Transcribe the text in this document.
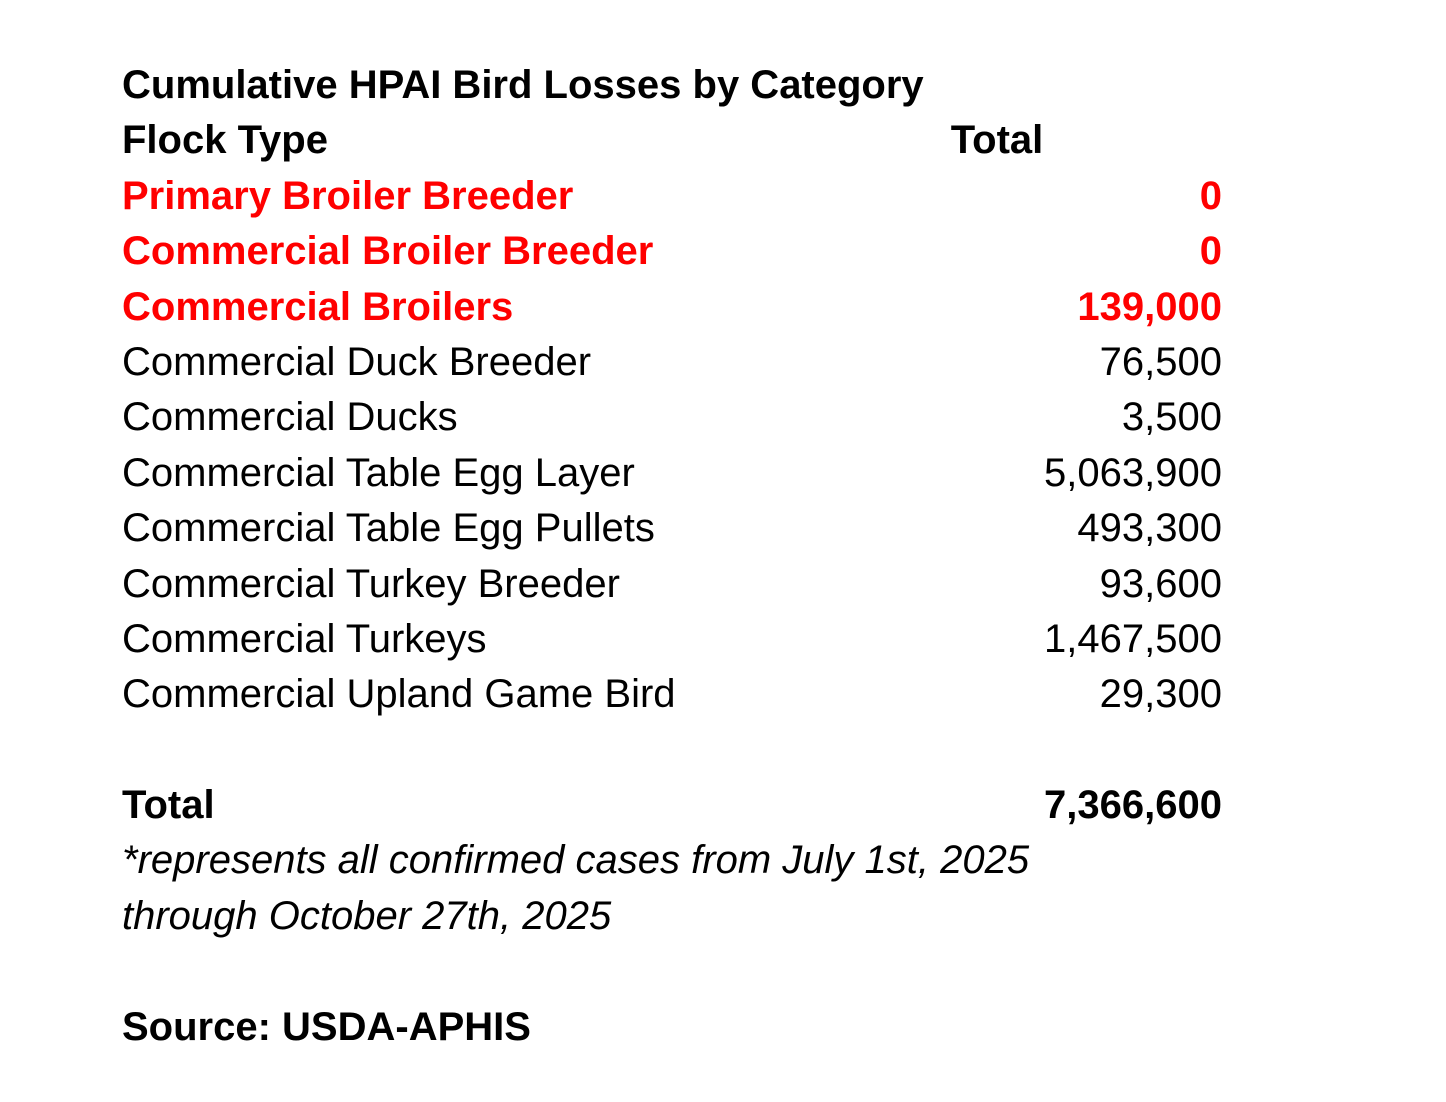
Cumulative HPAI Bird Losses by Category
Flock Type	Total
Primary Broiler Breeder	0
Commercial Broiler Breeder	0
Commercial Broilers	139,000
Commercial Duck Breeder	76,500
Commercial Ducks	3,500
Commercial Table Egg Layer	5,063,900
Commercial Table Egg Pullets	493,300
Commercial Turkey Breeder	93,600
Commercial Turkeys	1,467,500
Commercial Upland Game Bird	29,300
Total	7,366,600
*represents all confirmed cases from July 1st, 2025
through October 27th, 2025
Source: USDA-APHIS
